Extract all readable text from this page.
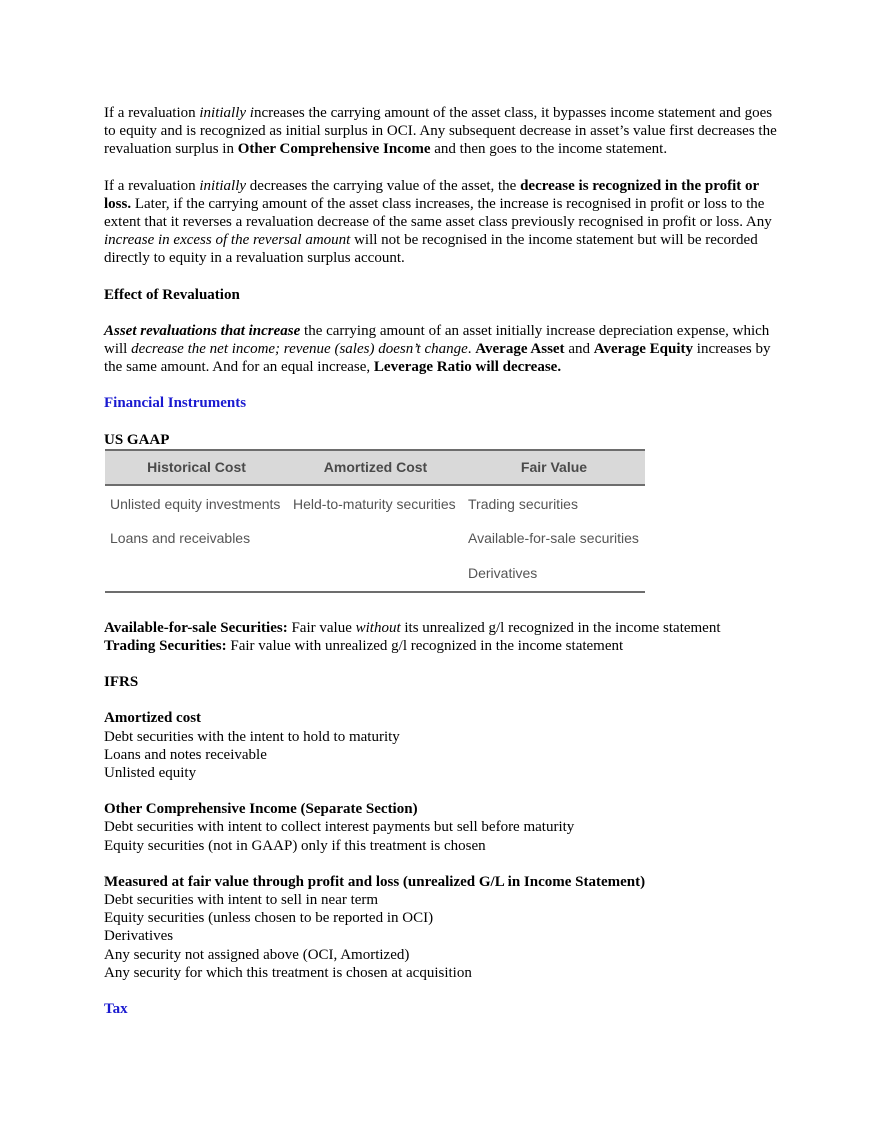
If a revaluation initially increases the carrying amount of the asset class, it bypasses income statement and goes to equity and is recognized as initial surplus in OCI. Any subsequent decrease in asset’s value first decreases the revaluation surplus in Other Comprehensive Income and then goes to the income statement.

If a revaluation initially decreases the carrying value of the asset, the decrease is recognized in the profit or loss. Later, if the carrying amount of the asset class increases, the increase is recognised in profit or loss to the extent that it reverses a revaluation decrease of the same asset class previously recognised in profit or loss. Any increase in excess of the reversal amount will not be recognised in the income statement but will be recorded directly to equity in a revaluation surplus account.

Effect of Revaluation

Asset revaluations that increase the carrying amount of an asset initially increase depreciation expense, which will decrease the net income; revenue (sales) doesn’t change. Average Asset and Average Equity increases by the same amount. And for an equal increase, Leverage Ratio will decrease.

Financial Instruments

US GAAP

Historical Cost	Amortized Cost	Fair Value
Unlisted equity investments	Held-to-maturity securities	Trading securities
Loans and receivables		Available-for-sale securities
		Derivatives

Available-for-sale Securities: Fair value without its unrealized g/l recognized in the income statement

Trading Securities: Fair value with unrealized g/l recognized in the income statement

IFRS

Amortized cost
Debt securities with the intent to hold to maturity
Loans and notes receivable
Unlisted equity
Other Comprehensive Income (Separate Section)
Debt securities with intent to collect interest payments but sell before maturity
Equity securities (not in GAAP) only if this treatment is chosen
Measured at fair value through profit and loss (unrealized G/L in Income Statement)
Debt securities with intent to sell in near term
Equity securities (unless chosen to be reported in OCI)
Derivatives
Any security not assigned above (OCI, Amortized)
Any security for which this treatment is chosen at acquisition

Tax
